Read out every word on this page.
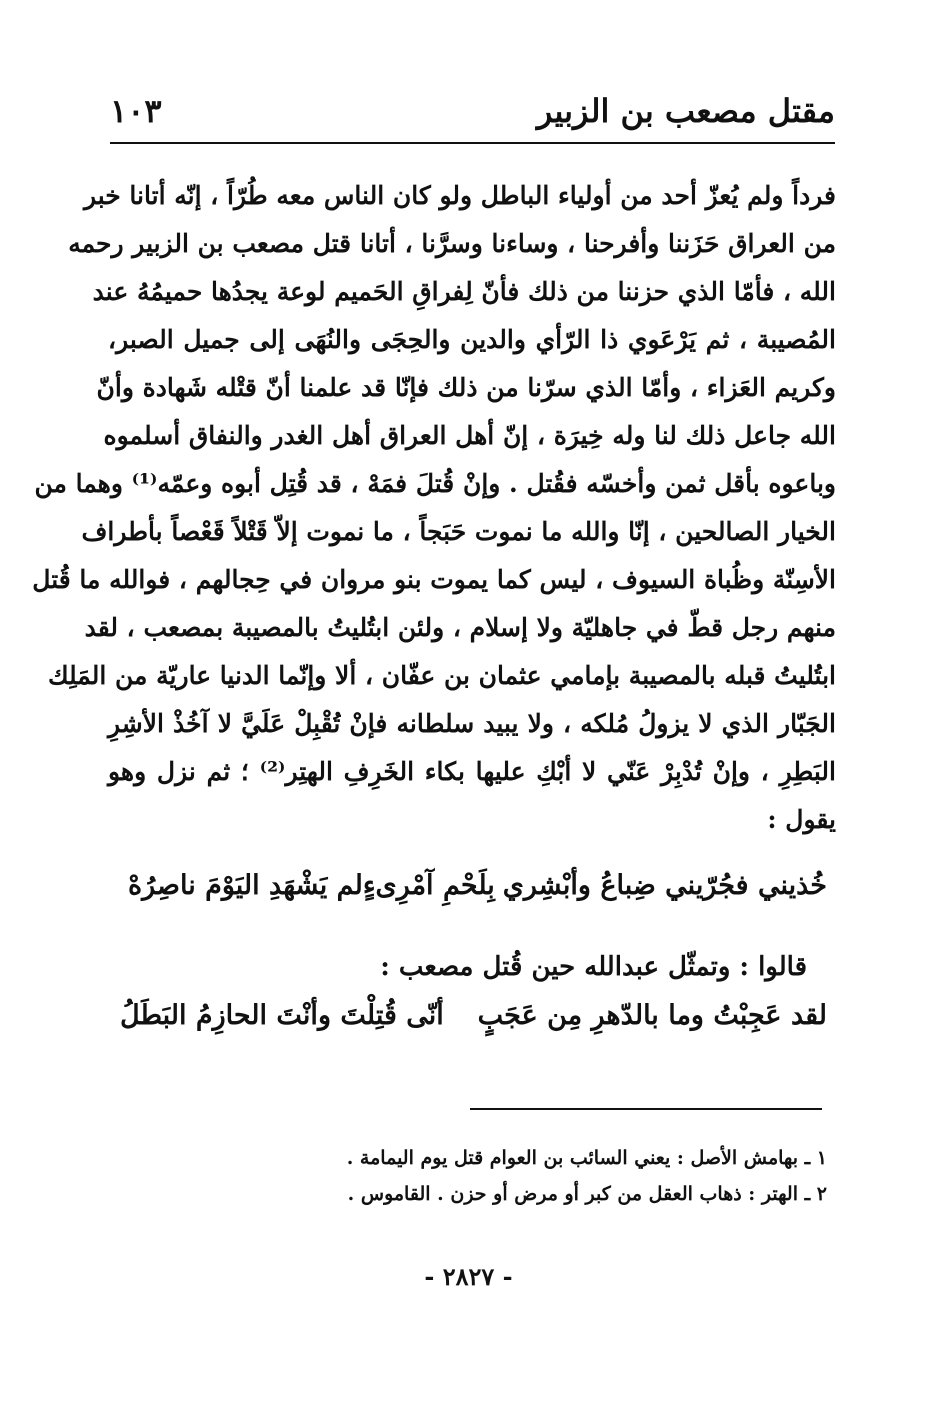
مقتل مصعب بن الزبير
١٠٣
فرداً ولم يُعزّ أحد من أولياء الباطل ولو كان الناس معه طُرّاً ، إنّه أتانا خبر
من العراق حَزَننا وأفرحنا ، وساءنا وسرَّنا ، أتانا قتل مصعب بن الزبير رحمه
الله ، فأمّا الذي حزننا من ذلك فأنّ لِفراقِ الحَميم لوعة يجدُها حميمُهُ عند
المُصيبة ، ثم يَرْعَوي ذا الرّأي والدين والحِجَى والنُهَى إلى جميل الصبر،
وكريم العَزاء ، وأمّا الذي سرّنا من ذلك فإنّا قد علمنا أنّ قتْله شَهادة وأنّ
الله جاعل ذلك لنا وله خِيرَة ، إنّ أهل العراق أهل الغدر والنفاق أسلموه
وباعوه بأقل ثمن وأخسّه فقُتل . وإنْ قُتلَ فمَهْ ، قد قُتِل أبوه وعمّه⁽¹⁾ وهما من
الخيار الصالحين ، إنّا والله ما نموت حَبَجاً ، ما نموت إلاّ قَتْلاً قَعْصاً بأطراف
الأسِنّة وظُباة السيوف ، ليس كما يموت بنو مروان في حِجالهم ، فوالله ما قُتل
منهم رجل قطّ في جاهليّة ولا إسلام ، ولئن ابتُليتُ بالمصيبة بمصعب ، لقد
ابتُليتُ قبله بالمصيبة بإمامي عثمان بن عفّان ، ألا وإنّما الدنيا عاريّة من المَلِك
الجَبّار الذي لا يزولُ مُلكه ، ولا يبيد سلطانه فإنْ تُقْبِلْ عَلَيَّ لا آخُذْ الأشِرِ
البَطِرِ ، وإنْ تُدْبِرْ عَنّي لا أبْكِ عليها بكاء الخَرِفِ الهتِر⁽²⁾ ؛ ثم نزل وهو
يقول :
خُذيني فجُرّيني ضِباعُ وأبْشِري
بِلَحْمِ آمْرِىءٍلم يَشْهَدِ اليَوْمَ ناصِرُهْ
قالوا : وتمثّل عبدالله حين قُتل مصعب :
لقد عَجِبْتُ وما بالدّهرِ مِن عَجَبٍ
أنّى قُتِلْتَ وأنْتَ الحازِمُ البَطَلُ
١ ـ بهامش الأصل : يعني السائب بن العوام قتل يوم اليمامة .
٢ ـ الهتر : ذهاب العقل من كبر أو مرض أو حزن . القاموس .
- ٢٨٢٧ -
